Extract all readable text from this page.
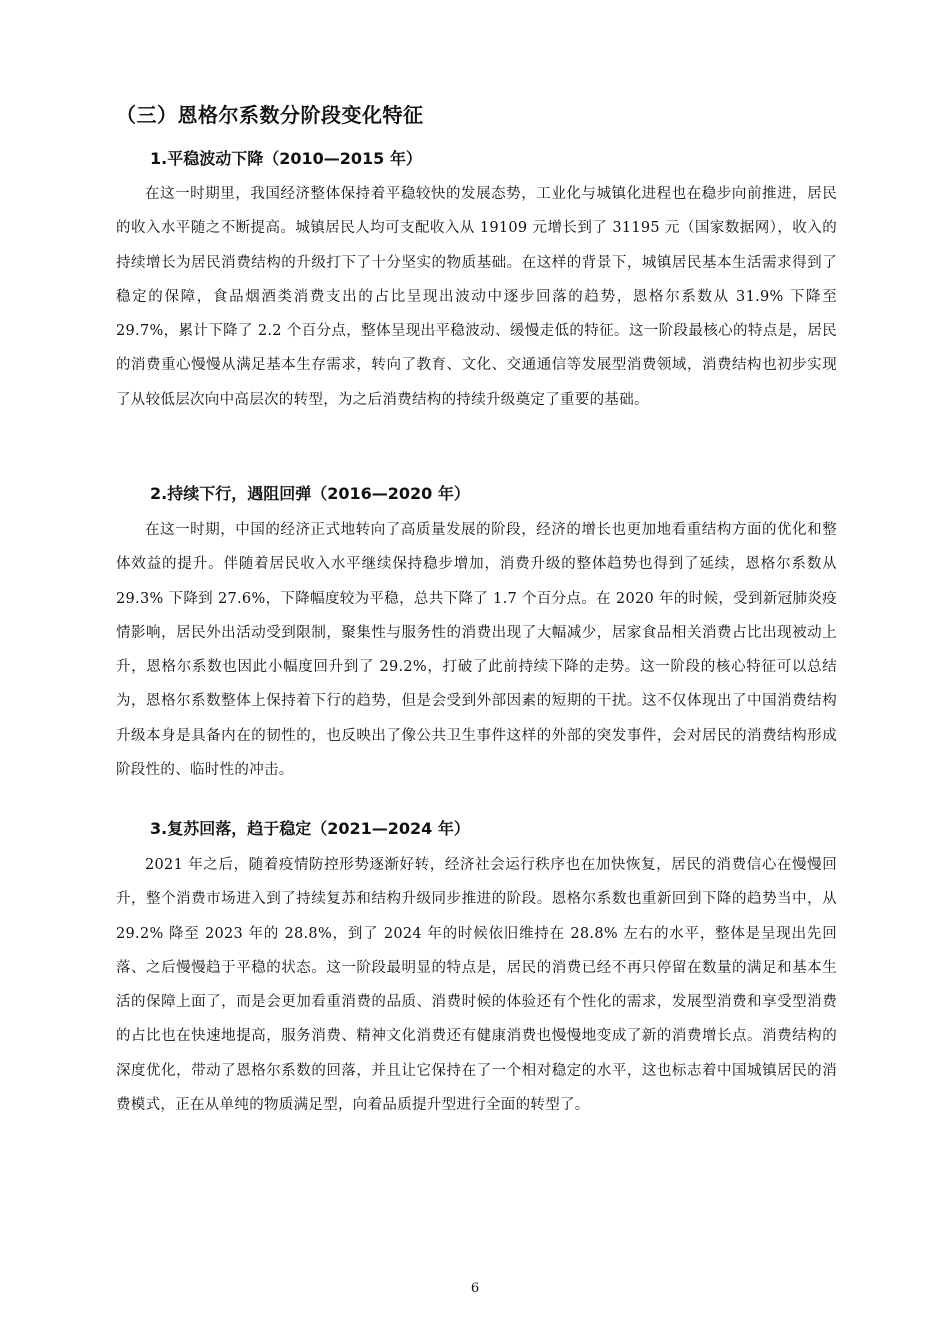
（三）恩格尔系数分阶段变化特征
1.平稳波动下降（2010—2015 年）

在这一时期里，我国经济整体保持着平稳较快的发展态势，工业化与城镇化进程也在稳步向前推进，居民的收入水平随之不断提高。城镇居民人均可支配收入从 19109 元增长到了 31195 元（国家数据网），收入的持续增长为居民消费结构的升级打下了十分坚实的物质基础。在这样的背景下，城镇居民基本生活需求得到了稳定的保障，食品烟酒类消费支出的占比呈现出波动中逐步回落的趋势，恩格尔系数从 31.9% 下降至 29.7%，累计下降了 2.2 个百分点，整体呈现出平稳波动、缓慢走低的特征。这一阶段最核心的特点是，居民的消费重心慢慢从满足基本生存需求，转向了教育、文化、交通通信等发展型消费领域，消费结构也初步实现了从较低层次向中高层次的转型，为之后消费结构的持续升级奠定了重要的基础。

2.持续下行，遇阻回弹（2016—2020 年）

在这一时期，中国的经济正式地转向了高质量发展的阶段，经济的增长也更加地看重结构方面的优化和整体效益的提升。伴随着居民收入水平继续保持稳步增加，消费升级的整体趋势也得到了延续，恩格尔系数从 29.3% 下降到 27.6%，下降幅度较为平稳，总共下降了 1.7 个百分点。在 2020 年的时候，受到新冠肺炎疫情影响，居民外出活动受到限制，聚集性与服务性的消费出现了大幅减少，居家食品相关消费占比出现被动上升，恩格尔系数也因此小幅度回升到了 29.2%，打破了此前持续下降的走势。这一阶段的核心特征可以总结为，恩格尔系数整体上保持着下行的趋势，但是会受到外部因素的短期的干扰。这不仅体现出了中国消费结构升级本身是具备内在的韧性的，也反映出了像公共卫生事件这样的外部的突发事件，会对居民的消费结构形成阶段性的、临时性的冲击。

3.复苏回落，趋于稳定（2021—2024 年）

2021 年之后，随着疫情防控形势逐渐好转，经济社会运行秩序也在加快恢复，居民的消费信心在慢慢回升，整个消费市场进入到了持续复苏和结构升级同步推进的阶段。恩格尔系数也重新回到下降的趋势当中，从 29.2% 降至 2023 年的 28.8%，到了 2024 年的时候依旧维持在 28.8% 左右的水平，整体是呈现出先回落、之后慢慢趋于平稳的状态。这一阶段最明显的特点是，居民的消费已经不再只停留在数量的满足和基本生活的保障上面了，而是会更加看重消费的品质、消费时候的体验还有个性化的需求，发展型消费和享受型消费的占比也在快速地提高，服务消费、精神文化消费还有健康消费也慢慢地变成了新的消费增长点。消费结构的深度优化，带动了恩格尔系数的回落，并且让它保持在了一个相对稳定的水平，这也标志着中国城镇居民的消费模式，正在从单纯的物质满足型，向着品质提升型进行全面的转型了。

6
